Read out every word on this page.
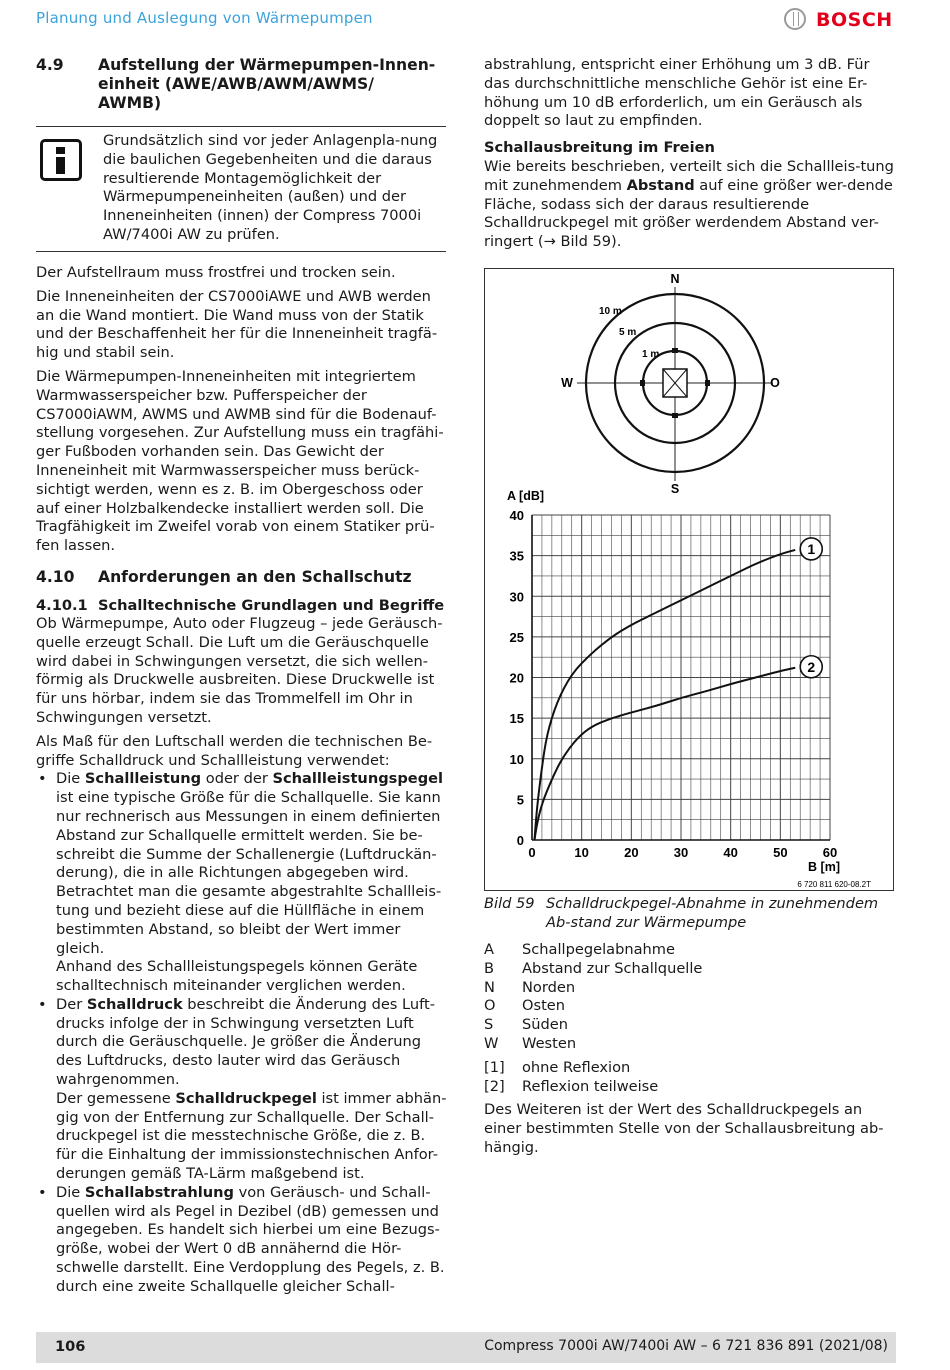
Planung und Auslegung von Wärmepumpen	BOSCH
4.9	Aufstellung der Wärmepumpen-Innen-einheit (AWE/AWB/AWM/AWMS/ AWMB)
Grundsätzlich sind vor jeder Anlagenpla-nung die baulichen Gegebenheiten und die daraus resultierende Montagemöglichkeit der Wärmepumpeneinheiten (außen) und der Inneneinheiten (innen) der Compress 7000i AW/7400i AW zu prüfen.

Der Aufstellraum muss frostfrei und trocken sein.

Die Inneneinheiten der CS7000iAWE und AWB werden an die Wand montiert. Die Wand muss von der Statik und der Beschaffenheit her für die Inneneinheit tragfä-hig und stabil sein.

Die Wärmepumpen-Inneneinheiten mit integriertem Warmwasserspeicher bzw. Pufferspeicher der CS7000iAWM, AWMS und AWMB sind für die Bodenauf-stellung vorgesehen. Zur Aufstellung muss ein tragfähi-ger Fußboden vorhanden sein. Das Gewicht der Inneneinheit mit Warmwasserspeicher muss berück-sichtigt werden, wenn es z. B. im Obergeschoss oder auf einer Holzbalkendecke installiert werden soll. Die Tragfähigkeit im Zweifel vorab von einem Statiker prü-fen lassen.

4.10	Anforderungen an den Schallschutz
4.10.1 Schalltechnische Grundlagen und Begriffe

Ob Wärmepumpe, Auto oder Flugzeug – jede Geräusch-quelle erzeugt Schall. Die Luft um die Geräuschquelle wird dabei in Schwingungen versetzt, die sich wellen-förmig als Druckwelle ausbreiten. Diese Druckwelle ist für uns hörbar, indem sie das Trommelfell im Ohr in Schwingungen versetzt.

Als Maß für den Luftschall werden die technischen Be-griffe Schalldruck und Schallleistung verwendet:

• Die Schallleistung oder der Schallleistungspegel ist eine typische Größe für die Schallquelle. Sie kann nur rechnerisch aus Messungen in einem definierten Abstand zur Schallquelle ermittelt werden. Sie be-schreibt die Summe der Schallenergie (Luftdruckän-derung), die in alle Richtungen abgegeben wird. Betrachtet man die gesamte abgestrahlte Schallleis-tung und bezieht diese auf die Hüllfläche in einem bestimmten Abstand, so bleibt der Wert immer gleich.
Anhand des Schallleistungspegels können Geräte schalltechnisch miteinander verglichen werden.
• Der Schalldruck beschreibt die Änderung des Luft-drucks infolge der in Schwingung versetzten Luft durch die Geräuschquelle. Je größer die Änderung des Luftdrucks, desto lauter wird das Geräusch wahrgenommen.
Der gemessene Schalldruckpegel ist immer abhän-gig von der Entfernung zur Schallquelle. Der Schall-druckpegel ist die messtechnische Größe, die z. B. für die Einhaltung der immissionstechnischen Anfor-derungen gemäß TA-Lärm maßgebend ist.
• Die Schallabstrahlung von Geräusch- und Schall-quellen wird als Pegel in Dezibel (dB) gemessen und angegeben. Es handelt sich hierbei um eine Bezugs-größe, wobei der Wert 0 dB annähernd die Hör-schwelle darstellt. Eine Verdopplung des Pegels, z. B. durch eine zweite Schallquelle gleicher Schall-

abstrahlung, entspricht einer Erhöhung um 3 dB. Für das durchschnittliche menschliche Gehör ist eine Er-höhung um 10 dB erforderlich, um ein Geräusch als doppelt so laut zu empfinden.

Schallausbreitung im Freien

Wie bereits beschrieben, verteilt sich die Schallleis-tung mit zunehmendem Abstand auf eine größer wer-dende Fläche, sodass sich der daraus resultierende Schalldruckpegel mit größer werdendem Abstand ver-ringert (→ Bild 59).

N
S
W	O
10 m
5 m
1 m
0
5
10
15
20
25
30
35
40
0	10	20	30	40	50	60
A [dB]
B [m]
1
2
6 720 811 620-08.2T
Bild 59 Schalldruckpegel-Abnahme in zunehmendem Ab-stand zur Wärmepumpe
A	Schallpegelabnahme
B	Abstand zur Schallquelle
N	Norden
O	Osten
S	Süden
W	Westen
[1]	ohne Reflexion
[2]	Reflexion teilweise

Des Weiteren ist der Wert des Schalldruckpegels an einer bestimmten Stelle von der Schallausbreitung ab-hängig.

106	Compress 7000i AW/7400i AW – 6 721 836 891 (2021/08)
